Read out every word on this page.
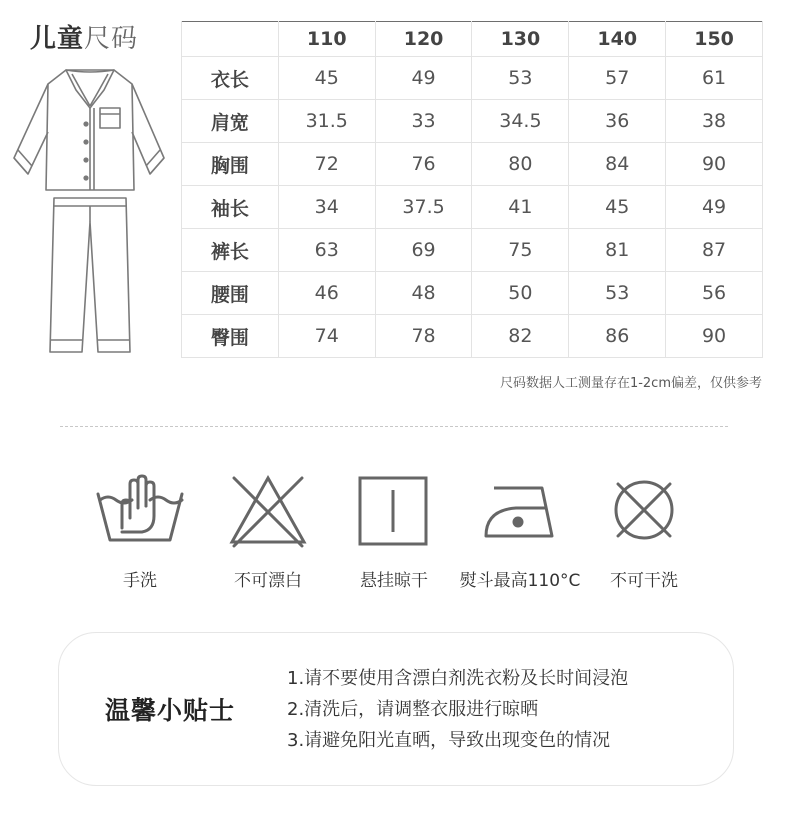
儿童尺码
		110	120	130	140	150
衣长	45	49	53	57	61
肩宽	31.5	33	34.5	36	38
胸围	72	76	80	84	90
袖长	34	37.5	41	45	49
裤长	63	69	75	81	87
腰围	46	48	50	53	56
臀围	74	78	82	86	90
尺码数据人工测量存在1-2cm偏差，仅供参考
手洗	不可漂白	悬挂晾干	熨斗最高110°C	不可干洗
温馨小贴士
1.请不要使用含漂白剂洗衣粉及长时间浸泡
2.清洗后，请调整衣服进行晾晒
3.请避免阳光直晒，导致出现变色的情况
